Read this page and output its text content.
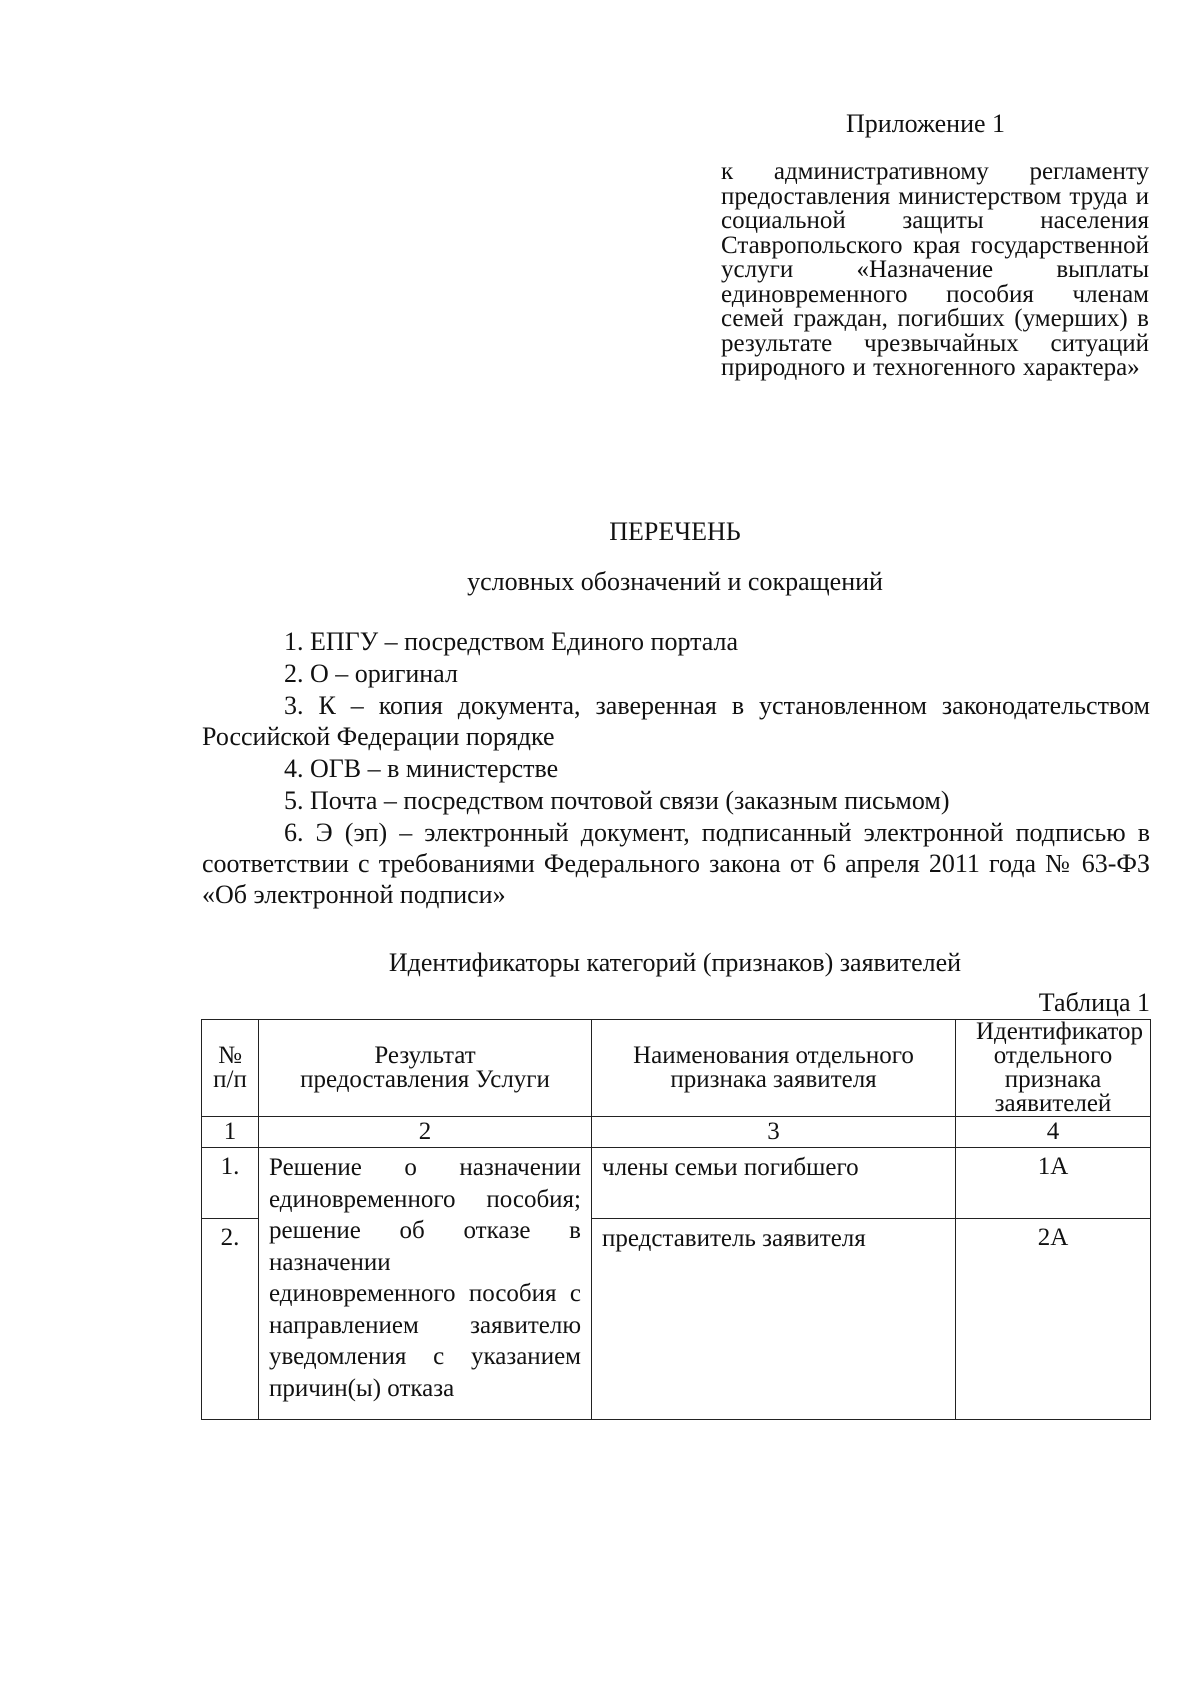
Приложение 1
к административному регламенту предоставления министерством труда и социальной защиты населения Ставропольского края государственной услуги «Назначение выплаты единовременного пособия членам семей граждан, погибших (умерших) в результате чрезвычайных ситуаций природного и техногенного характера»
ПЕРЕЧЕНЬ
условных обозначений и сокращений

1. ЕПГУ – посредством Единого портала

2. О – оригинал

3. К – копия документа, заверенная в установленном законодательством Российской Федерации порядке

4. ОГВ – в министерстве

5. Почта – посредством почтовой связи (заказным письмом)

6. Э (эп) – электронный документ, подписанный электронной подписью в соответствии с требованиями Федерального закона от 6 апреля 2011 года № 63-ФЗ «Об электронной подписи»

Идентификаторы категорий (признаков) заявителей
Таблица 1
№ п/п	Результат предоставления Услуги	Наименования отдельного признака заявителя	Идентификатор отдельного признака заявителей
1	2	3	4
1.	Решение о назначении единовременного пособия; решение об отказе в назначении единовременного пособия с направлением заявителю уведомления с указанием причин(ы) отказа	члены семьи погибшего	1А
2.		представитель заявителя	2А
